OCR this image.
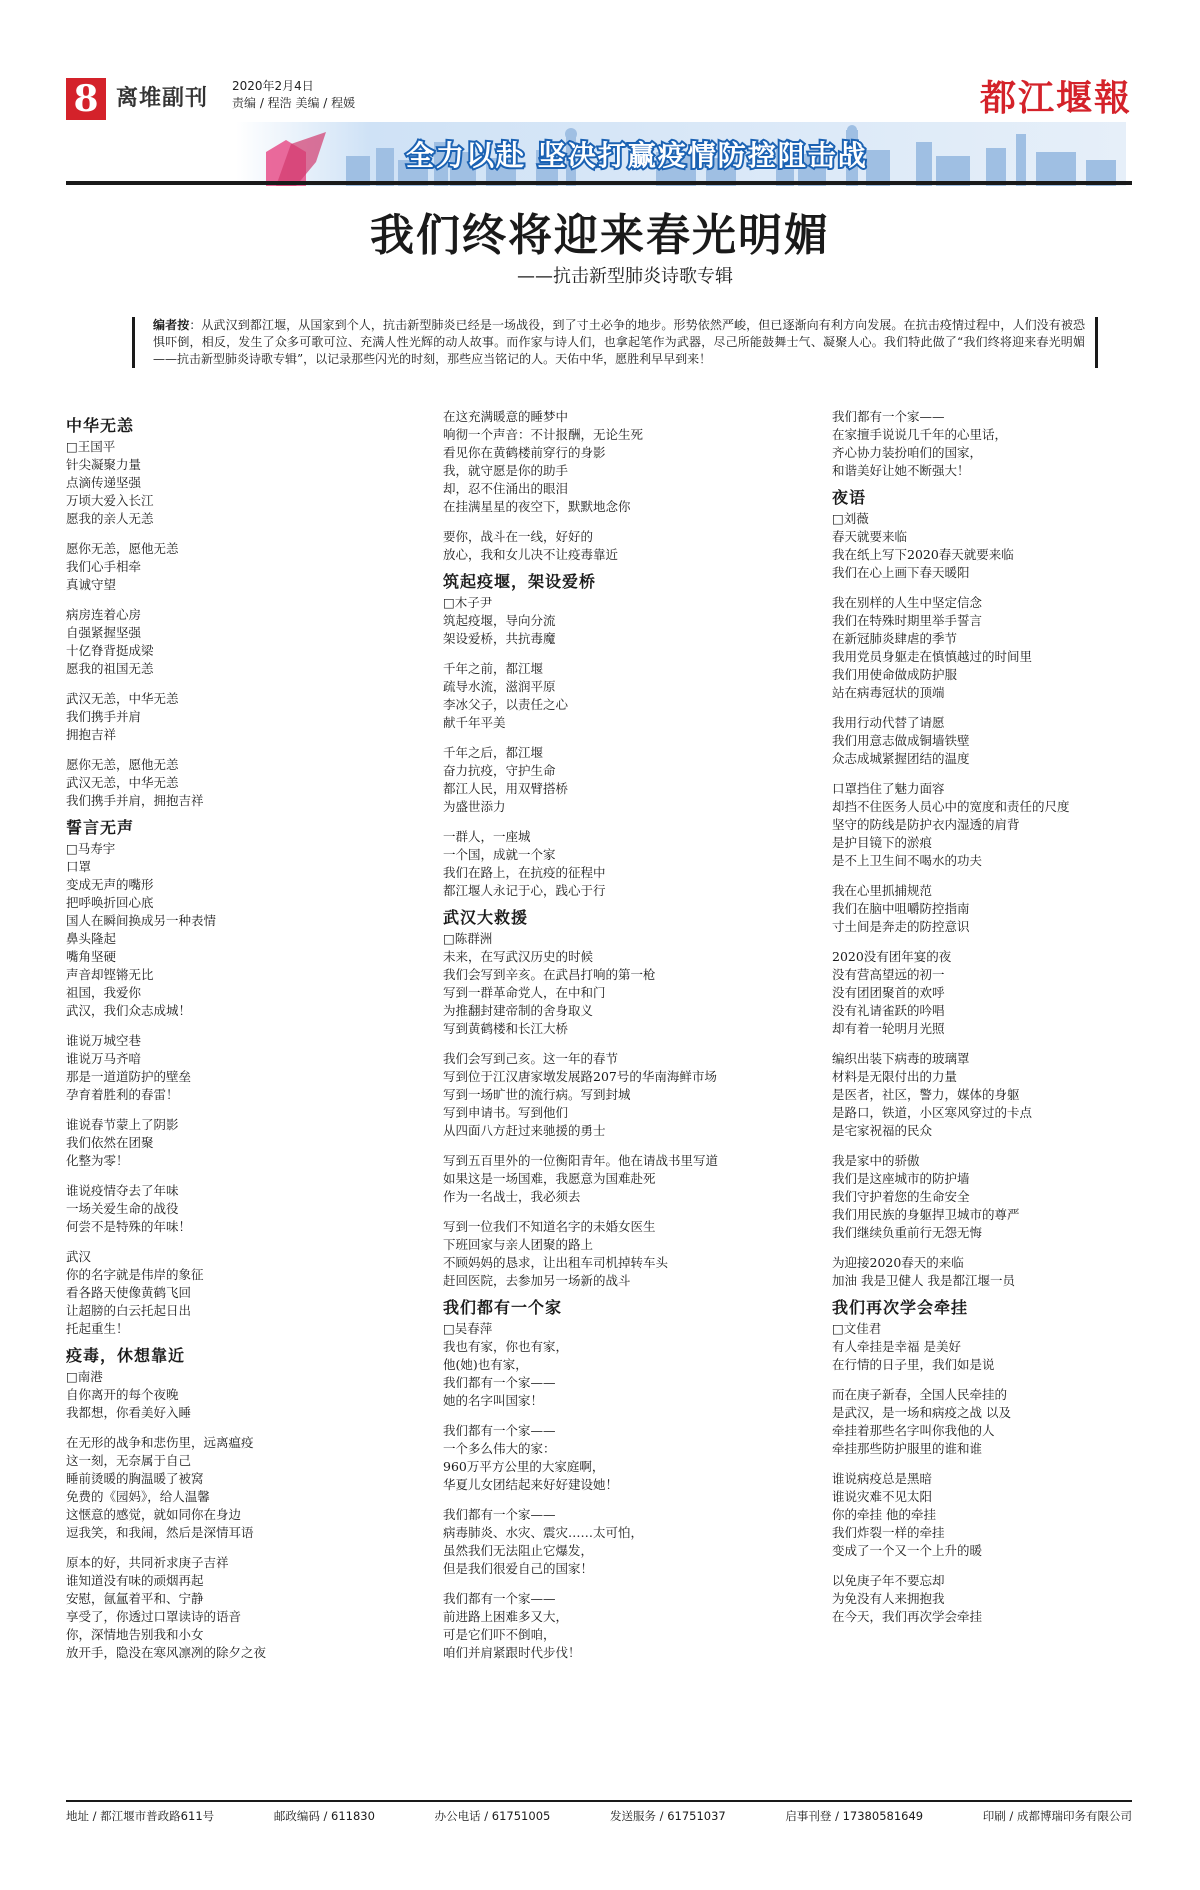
8 离堆副刊 2020年2月4日
责编 / 程浩 美编 / 程媛	都江堰報
全力以赴 坚决打赢疫情防控阻击战
我们终将迎来春光明媚
——抗击新型肺炎诗歌专辑
编者按：从武汉到都江堰，从国家到个人，抗击新型肺炎已经是一场战役，到了寸土必争的地步。形势依然严峻，但已逐渐向有利方向发展。在抗击疫情过程中，人们没有被恐惧吓倒，相反，发生了众多可歌可泣、充满人性光辉的动人故事。而作家与诗人们，也拿起笔作为武器，尽己所能鼓舞士气、凝聚人心。我们特此做了“我们终将迎来春光明媚——抗击新型肺炎诗歌专辑”，以记录那些闪光的时刻，那些应当铭记的人。天佑中华，愿胜利早早到来！
中华无恙
□王国平
针尖凝聚力量
点滴传递坚强
万顷大爱入长江
愿我的亲人无恙
愿你无恙，愿他无恙
我们心手相牵
真诚守望
病房连着心房
自强紧握坚强
十亿脊背挺成梁
愿我的祖国无恙
武汉无恙，中华无恙
我们携手并肩
拥抱吉祥
愿你无恙，愿他无恙
武汉无恙，中华无恙
我们携手并肩，拥抱吉祥
誓言无声
□马寿宇
口罩
变成无声的嘴形
把呼唤折回心底
国人在瞬间换成另一种表情
鼻头隆起
嘴角坚硬
声音却铿锵无比
祖国，我爱你
武汉，我们众志成城！
谁说万城空巷
谁说万马齐喑
那是一道道防护的壁垒
孕育着胜利的春雷！
谁说春节蒙上了阴影
我们依然在团聚
化整为零！
谁说疫情夺去了年味
一场关爱生命的战役
何尝不是特殊的年味！
武汉
你的名字就是伟岸的象征
看各路天使像黄鹤飞回
让超膀的白云托起日出
托起重生！
疫毒，休想靠近
□南港
自你离开的每个夜晚
我都想，你看美好入睡
在无形的战争和悲伤里，远离瘟疫
这一刻，无奈属于自己
睡前烫暖的胸温暖了被窝
免费的《园妈》，给人温馨
这惬意的感觉，就如同你在身边
逗我笑，和我闹，然后是深情耳语
原本的好，共同祈求庚子吉祥
谁知道没有味的顽烟再起
安慰，氤氲着平和、宁静
享受了，你透过口罩读诗的语音
你，深情地告别我和小女
放开手，隐没在寒风凛冽的除夕之夜
在这充满暖意的睡梦中
响彻一个声音：不计报酬，无论生死
看见你在黄鹤楼前穿行的身影
我，就守愿是你的助手
却，忍不住涌出的眼泪
在挂满星星的夜空下，默默地念你
要你，战斗在一线，好好的
放心，我和女儿决不让疫毒靠近
筑起疫堰，架设爱桥
□木子尹
筑起疫堰，导向分流
架设爱桥，共抗毒魔
千年之前，都江堰
疏导水流，滋润平原
李冰父子，以责任之心
献千年平美
千年之后，都江堰
奋力抗疫，守护生命
都江人民，用双臂搭桥
为盛世添力
一群人，一座城
一个国，成就一个家
我们在路上，在抗疫的征程中
都江堰人永记于心，践心于行
武汉大救援
□陈群洲
未来，在写武汉历史的时候
我们会写到辛亥。在武昌打响的第一枪
写到一群革命党人，在中和门
为推翻封建帝制的舍身取义
写到黄鹤楼和长江大桥
我们会写到己亥。这一年的春节
写到位于江汉唐家墩发展路207号的华南海鲜市场
写到一场旷世的流行病。写到封城
写到申请书。写到他们
从四面八方赶过来驰援的勇士
写到五百里外的一位衡阳青年。他在请战书里写道
如果这是一场国难，我愿意为国难赴死
作为一名战士，我必须去
写到一位我们不知道名字的未婚女医生
下班回家与亲人团聚的路上
不顾妈妈的恳求，让出租车司机掉转车头
赶回医院，去参加另一场新的战斗
我们都有一个家
□吴春萍
我也有家，你也有家，
他(她)也有家，
我们都有一个家——
她的名字叫国家！
我们都有一个家——
一个多么伟大的家：
960万平方公里的大家庭啊，
华夏儿女团结起来好好建设她！
我们都有一个家——
病毒肺炎、水灾、震灾……太可怕，
虽然我们无法阻止它爆发，
但是我们很爱自己的国家！
我们都有一个家——
前进路上困难多又大，
可是它们吓不倒咱，
咱们并肩紧跟时代步伐！
我们都有一个家——
在家擅手说说几千年的心里话，
齐心协力装扮咱们的国家，
和谐美好让她不断强大！
夜语
□刘薇
春天就要来临
我在纸上写下2020春天就要来临
我们在心上画下春天暖阳
我在别样的人生中坚定信念
我们在特殊时期里举手誓言
在新冠肺炎肆虐的季节
我用党员身躯走在慎慎越过的时间里
我们用使命做成防护服
站在病毒冠状的顶端
我用行动代替了请愿
我们用意志做成铜墙铁壁
众志成城紧握团结的温度
口罩挡住了魅力面容
却挡不住医务人员心中的宽度和责任的尺度
坚守的防线是防护衣内湿透的肩背
是护目镜下的淤痕
是不上卫生间不喝水的功夫
我在心里抓捕规范
我们在脑中咀嚼防控指南
寸土间是奔走的防控意识
2020没有团年宴的夜
没有营高望远的初一
没有团团聚首的欢呼
没有礼请雀跃的吟唱
却有着一轮明月光照
编织出装下病毒的玻璃罩
材料是无限付出的力量
是医者，社区，警力，媒体的身躯
是路口，铁道，小区寒风穿过的卡点
是宅家祝福的民众
我是家中的骄傲
我们是这座城市的防护墙
我们守护着您的生命安全
我们用民族的身躯捍卫城市的尊严
我们继续负重前行无怨无悔
为迎接2020春天的来临
加油 我是卫健人 我是都江堰一员
我们再次学会牵挂
□文佳君
有人牵挂是幸福 是美好
在行情的日子里，我们如是说
而在庚子新春，全国人民牵挂的
是武汉，是一场和病疫之战 以及
牵挂着那些名字叫你我他的人
牵挂那些防护服里的谁和谁
谁说病疫总是黑暗
谁说灾难不见太阳
你的牵挂 他的牵挂
我们炸裂一样的牵挂
变成了一个又一个上升的暖
以免庚子年不要忘却
为免没有人来拥抱我
在今天，我们再次学会牵挂
地址 / 都江堰市普政路611号	邮政编码 / 611830	办公电话 / 61751005	发送服务 / 61751037	启事刊登 / 17380581649	印刷 / 成都博瑞印务有限公司
